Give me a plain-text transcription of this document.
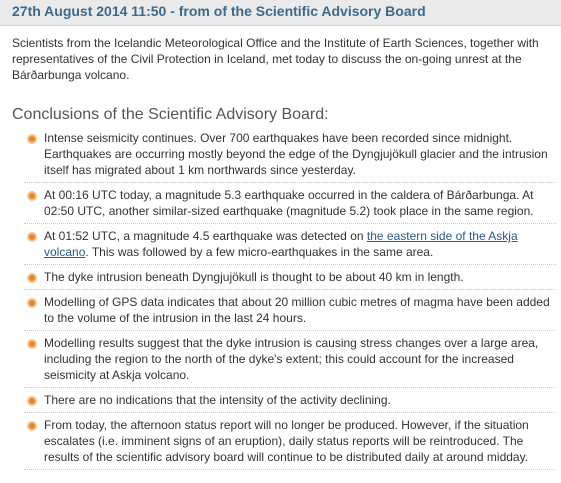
27th August 2014 11:50 - from of the Scientific Advisory Board
Scientists from the Icelandic Meteorological Office and the Institute of Earth Sciences, together with representatives of the Civil Protection in Iceland, met today to discuss the on-going unrest at the Bárðarbunga volcano.
Conclusions of the Scientific Advisory Board:
Intense seismicity continues. Over 700 earthquakes have been recorded since midnight. Earthquakes are occurring mostly beyond the edge of the Dyngjujökull glacier and the intrusion itself has migrated about 1 km northwards since yesterday.
At 00:16 UTC today, a magnitude 5.3 earthquake occurred in the caldera of Bárðarbunga. At 02:50 UTC, another similar-sized earthquake (magnitude 5.2) took place in the same region.
At 01:52 UTC, a magnitude 4.5 earthquake was detected on the eastern side of the Askja volcano. This was followed by a few micro-earthquakes in the same area.
The dyke intrusion beneath Dyngjujökull is thought to be about 40 km in length.
Modelling of GPS data indicates that about 20 million cubic metres of magma have been added to the volume of the intrusion in the last 24 hours.
Modelling results suggest that the dyke intrusion is causing stress changes over a large area, including the region to the north of the dyke's extent; this could account for the increased seismicity at Askja volcano.
There are no indications that the intensity of the activity declining.
From today, the afternoon status report will no longer be produced. However, if the situation escalates (i.e. imminent signs of an eruption), daily status reports will be reintroduced. The results of the scientific advisory board will continue to be distributed daily at around midday.
